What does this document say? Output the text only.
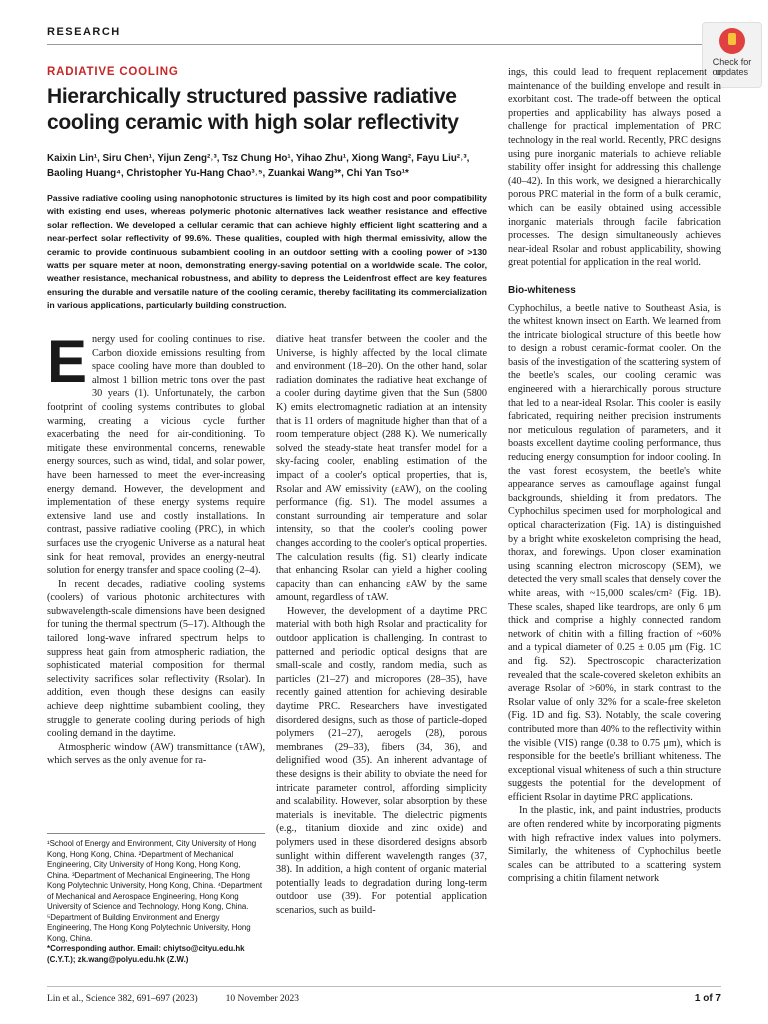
RESEARCH
Check for
updates
RADIATIVE COOLING
Hierarchically structured passive radiative cooling ceramic with high solar reflectivity

Kaixin Lin¹, Siru Chen¹, Yijun Zeng²˒³, Tsz Chung Ho¹, Yihao Zhu¹, Xiong Wang², Fayu Liu²˒³, Baoling Huang⁴, Christopher Yu-Hang Chao³˒⁵, Zuankai Wang³*, Chi Yan Tso¹*

Passive radiative cooling using nanophotonic structures is limited by its high cost and poor compatibility with existing end uses, whereas polymeric photonic alternatives lack weather resistance and effective solar reflection. We developed a cellular ceramic that can achieve highly efficient light scattering and a near-perfect solar reflectivity of 99.6%. These qualities, coupled with high thermal emissivity, allow the ceramic to provide continuous subambient cooling in an outdoor setting with a cooling power of >130 watts per square meter at noon, demonstrating energy-saving potential on a worldwide scale. The color, weather resistance, mechanical robustness, and ability to depress the Leidenfrost effect are key features ensuring the durable and versatile nature of the cooling ceramic, thereby facilitating its commercialization in various applications, particularly building construction.

E nergy used for cooling continues to rise. Carbon dioxide emissions resulting from space cooling have more than doubled to almost 1 billion metric tons over the past 30 years (1). Unfortunately, the carbon footprint of cooling systems contributes to global warming, creating a vicious cycle further exacerbating the need for air-conditioning. To mitigate these environmental concerns, renewable energy sources, such as wind, tidal, and solar power, have been harnessed to meet the ever-increasing energy demand. However, the development and implementation of these energy systems require extensive land use and costly installations. In contrast, passive radiative cooling (PRC), in which surfaces use the cryogenic Universe as a natural heat sink for heat removal, provides an energy-neutral solution for energy transfer and space cooling (2–4).

In recent decades, radiative cooling systems (coolers) of various photonic architectures with subwavelength-scale dimensions have been designed for tuning the thermal spectrum (5–17). Although the tailored long-wave infrared spectrum helps to suppress heat gain from atmospheric radiation, the sophisticated material composition for thermal selectivity sacrifices solar reflectivity (Rsolar). In addition, even though these designs can easily achieve deep nighttime subambient cooling, they struggle to generate cooling during periods of high cooling demand in the daytime.

Atmospheric window (AW) transmittance (τAW), which serves as the only avenue for ra-

diative heat transfer between the cooler and the Universe, is highly affected by the local climate and environment (18–20). On the other hand, solar radiation dominates the radiative heat exchange of a cooler during daytime given that the Sun (5800 K) emits electromagnetic radiation at an intensity that is 11 orders of magnitude higher than that of a room temperature object (288 K). We numerically solved the steady-state heat transfer model for a sky-facing cooler, enabling estimation of the impact of a cooler's optical properties, that is, Rsolar and AW emissivity (εAW), on the cooling performance (fig. S1). The model assumes a constant surrounding air temperature and solar intensity, so that the cooler's cooling power changes according to the cooler's optical properties. The calculation results (fig. S1) clearly indicate that enhancing Rsolar can yield a higher cooling capacity than can enhancing εAW by the same amount, regardless of τAW.

However, the development of a daytime PRC material with both high Rsolar and practicality for outdoor application is challenging. In contrast to patterned and periodic optical designs that are small-scale and costly, random media, such as particles (21–27) and micropores (28–35), have recently gained attention for achieving desirable daytime PRC. Researchers have investigated disordered designs, such as those of particle-doped polymers (21–27), aerogels (28), porous membranes (29–33), fibers (34, 36), and delignified wood (35). An inherent advantage of these designs is their ability to obviate the need for intricate parameter control, affording simplicity and scalability. However, solar absorption by these materials is inevitable. The dielectric pigments (e.g., titanium dioxide and zinc oxide) and polymers used in these disordered designs absorb sunlight within different wavelength ranges (37, 38). In addition, a high content of organic material potentially leads to degradation during long-term outdoor use (39). For potential application scenarios, such as build-

ings, this could lead to frequent replacement or maintenance of the building envelope and result in exorbitant cost. The trade-off between the optical properties and applicability has always posed a challenge for practical implementation of PRC technology in the real world. Recently, PRC designs using pure inorganic materials to achieve reliable stability offer insight for addressing this challenge (40–42). In this work, we designed a hierarchically porous PRC material in the form of a bulk ceramic, which can be easily obtained using accessible inorganic materials through facile fabrication processes. The design simultaneously achieves near-ideal Rsolar and robust applicability, showing great potential for application in the real world.

Bio-whiteness

Cyphochilus, a beetle native to Southeast Asia, is the whitest known insect on Earth. We learned from the intricate biological structure of this beetle how to design a robust ceramic-format cooler. On the basis of the investigation of the scattering system of the beetle's scales, our cooling ceramic was engineered with a hierarchically porous structure that led to a near-ideal Rsolar. This cooler is easily fabricated, requiring neither precision instruments nor meticulous regulation of parameters, and it boasts excellent daytime cooling performance, thus reducing energy consumption for indoor cooling. In the vast forest ecosystem, the beetle's white appearance serves as camouflage against fungal backgrounds, shielding it from predators. The Cyphochilus specimen used for morphological and optical characterization (Fig. 1A) is distinguished by a bright white exoskeleton comprising the head, thorax, and forewings. Upon closer examination using scanning electron microscopy (SEM), we detected the very small scales that densely cover the white areas, with ~15,000 scales/cm² (Fig. 1B). These scales, shaped like teardrops, are only 6 μm thick and comprise a highly connected random network of chitin with a filling fraction of ~60% and a typical diameter of 0.25 ± 0.05 μm (Fig. 1C and fig. S2). Spectroscopic characterization revealed that the scale-covered skeleton exhibits an average Rsolar of >60%, in stark contrast to the Rsolar value of only 32% for a scale-free skeleton (Fig. 1D and fig. S3). Notably, the scale covering contributed more than 40% to the reflectivity within the visible (VIS) range (0.38 to 0.75 μm), which is responsible for the beetle's brilliant whiteness. The exceptional visual whiteness of such a thin structure suggests the potential for the development of efficient Rsolar in daytime PRC applications.

In the plastic, ink, and paint industries, products are often rendered white by incorporating pigments with high refractive index values into polymers. Similarly, the whiteness of Cyphochilus beetle scales can be attributed to a scattering system comprising a chitin filament network

¹School of Energy and Environment, City University of Hong Kong, Hong Kong, China. ²Department of Mechanical Engineering, City University of Hong Kong, Hong Kong, China. ³Department of Mechanical Engineering, The Hong Kong Polytechnic University, Hong Kong, China. ⁴Department of Mechanical and Aerospace Engineering, Hong Kong University of Science and Technology, Hong Kong, China. ⁵Department of Building Environment and Energy Engineering, The Hong Kong Polytechnic University, Hong Kong, China.

*Corresponding author. Email: chiytso@cityu.edu.hk (C.Y.T.); zk.wang@polyu.edu.hk (Z.W.)

Lin et al., Science 382, 691–697 (2023)	10 November 2023	1 of 7
